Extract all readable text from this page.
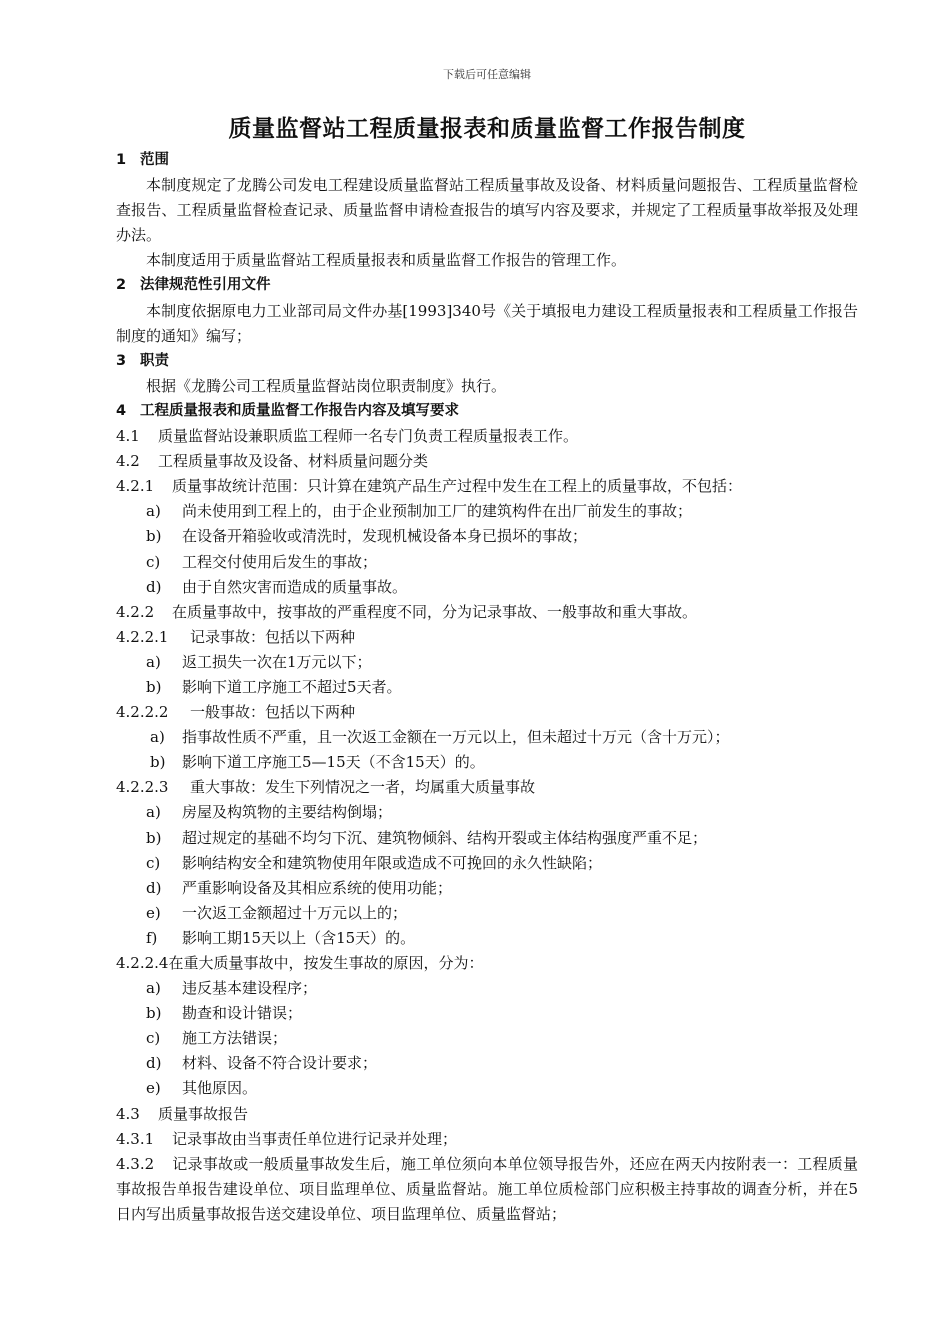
下载后可任意编辑
质量监督站工程质量报表和质量监督工作报告制度
1 范围
本制度规定了龙腾公司发电工程建设质量监督站工程质量事故及设备、材料质量问题报告、工程质量监督检查报告、工程质量监督检查记录、质量监督申请检查报告的填写内容及要求，并规定了工程质量事故举报及处理办法。
本制度适用于质量监督站工程质量报表和质量监督工作报告的管理工作。
2 法律规范性引用文件
本制度依据原电力工业部司局文件办基[1993]340号《关于填报电力建设工程质量报表和工程质量工作报告制度的通知》编写；
3 职责
根据《龙腾公司工程质量监督站岗位职责制度》执行。
4 工程质量报表和质量监督工作报告内容及填写要求
4.1 质量监督站设兼职质监工程师一名专门负责工程质量报表工作。
4.2 工程质量事故及设备、材料质量问题分类
4.2.1 质量事故统计范围：只计算在建筑产品生产过程中发生在工程上的质量事故，不包括：
a) 尚未使用到工程上的，由于企业预制加工厂的建筑构件在出厂前发生的事故；
b) 在设备开箱验收或清洗时，发现机械设备本身已损坏的事故；
c) 工程交付使用后发生的事故；
d) 由于自然灾害而造成的质量事故。
4.2.2 在质量事故中，按事故的严重程度不同，分为记录事故、一般事故和重大事故。
4.2.2.1 记录事故：包括以下两种
a) 返工损失一次在1万元以下；
b) 影响下道工序施工不超过5天者。
4.2.2.2 一般事故：包括以下两种
a) 指事故性质不严重，且一次返工金额在一万元以上，但未超过十万元（含十万元）；
b) 影响下道工序施工5—15天（不含15天）的。
4.2.2.3 重大事故：发生下列情况之一者，均属重大质量事故
a) 房屋及构筑物的主要结构倒塌；
b) 超过规定的基础不均匀下沉、建筑物倾斜、结构开裂或主体结构强度严重不足；
c) 影响结构安全和建筑物使用年限或造成不可挽回的永久性缺陷；
d) 严重影响设备及其相应系统的使用功能；
e) 一次返工金额超过十万元以上的；
f) 影响工期15天以上（含15天）的。
4.2.2.4在重大质量事故中，按发生事故的原因，分为：
a) 违反基本建设程序；
b) 勘查和设计错误；
c) 施工方法错误；
d) 材料、设备不符合设计要求；
e) 其他原因。
4.3 质量事故报告
4.3.1 记录事故由当事责任单位进行记录并处理；
4.3.2 记录事故或一般质量事故发生后，施工单位须向本单位领导报告外，还应在两天内按附表一：工程质量事故报告单报告建设单位、项目监理单位、质量监督站。施工单位质检部门应积极主持事故的调查分析，并在5日内写出质量事故报告送交建设单位、项目监理单位、质量监督站；
